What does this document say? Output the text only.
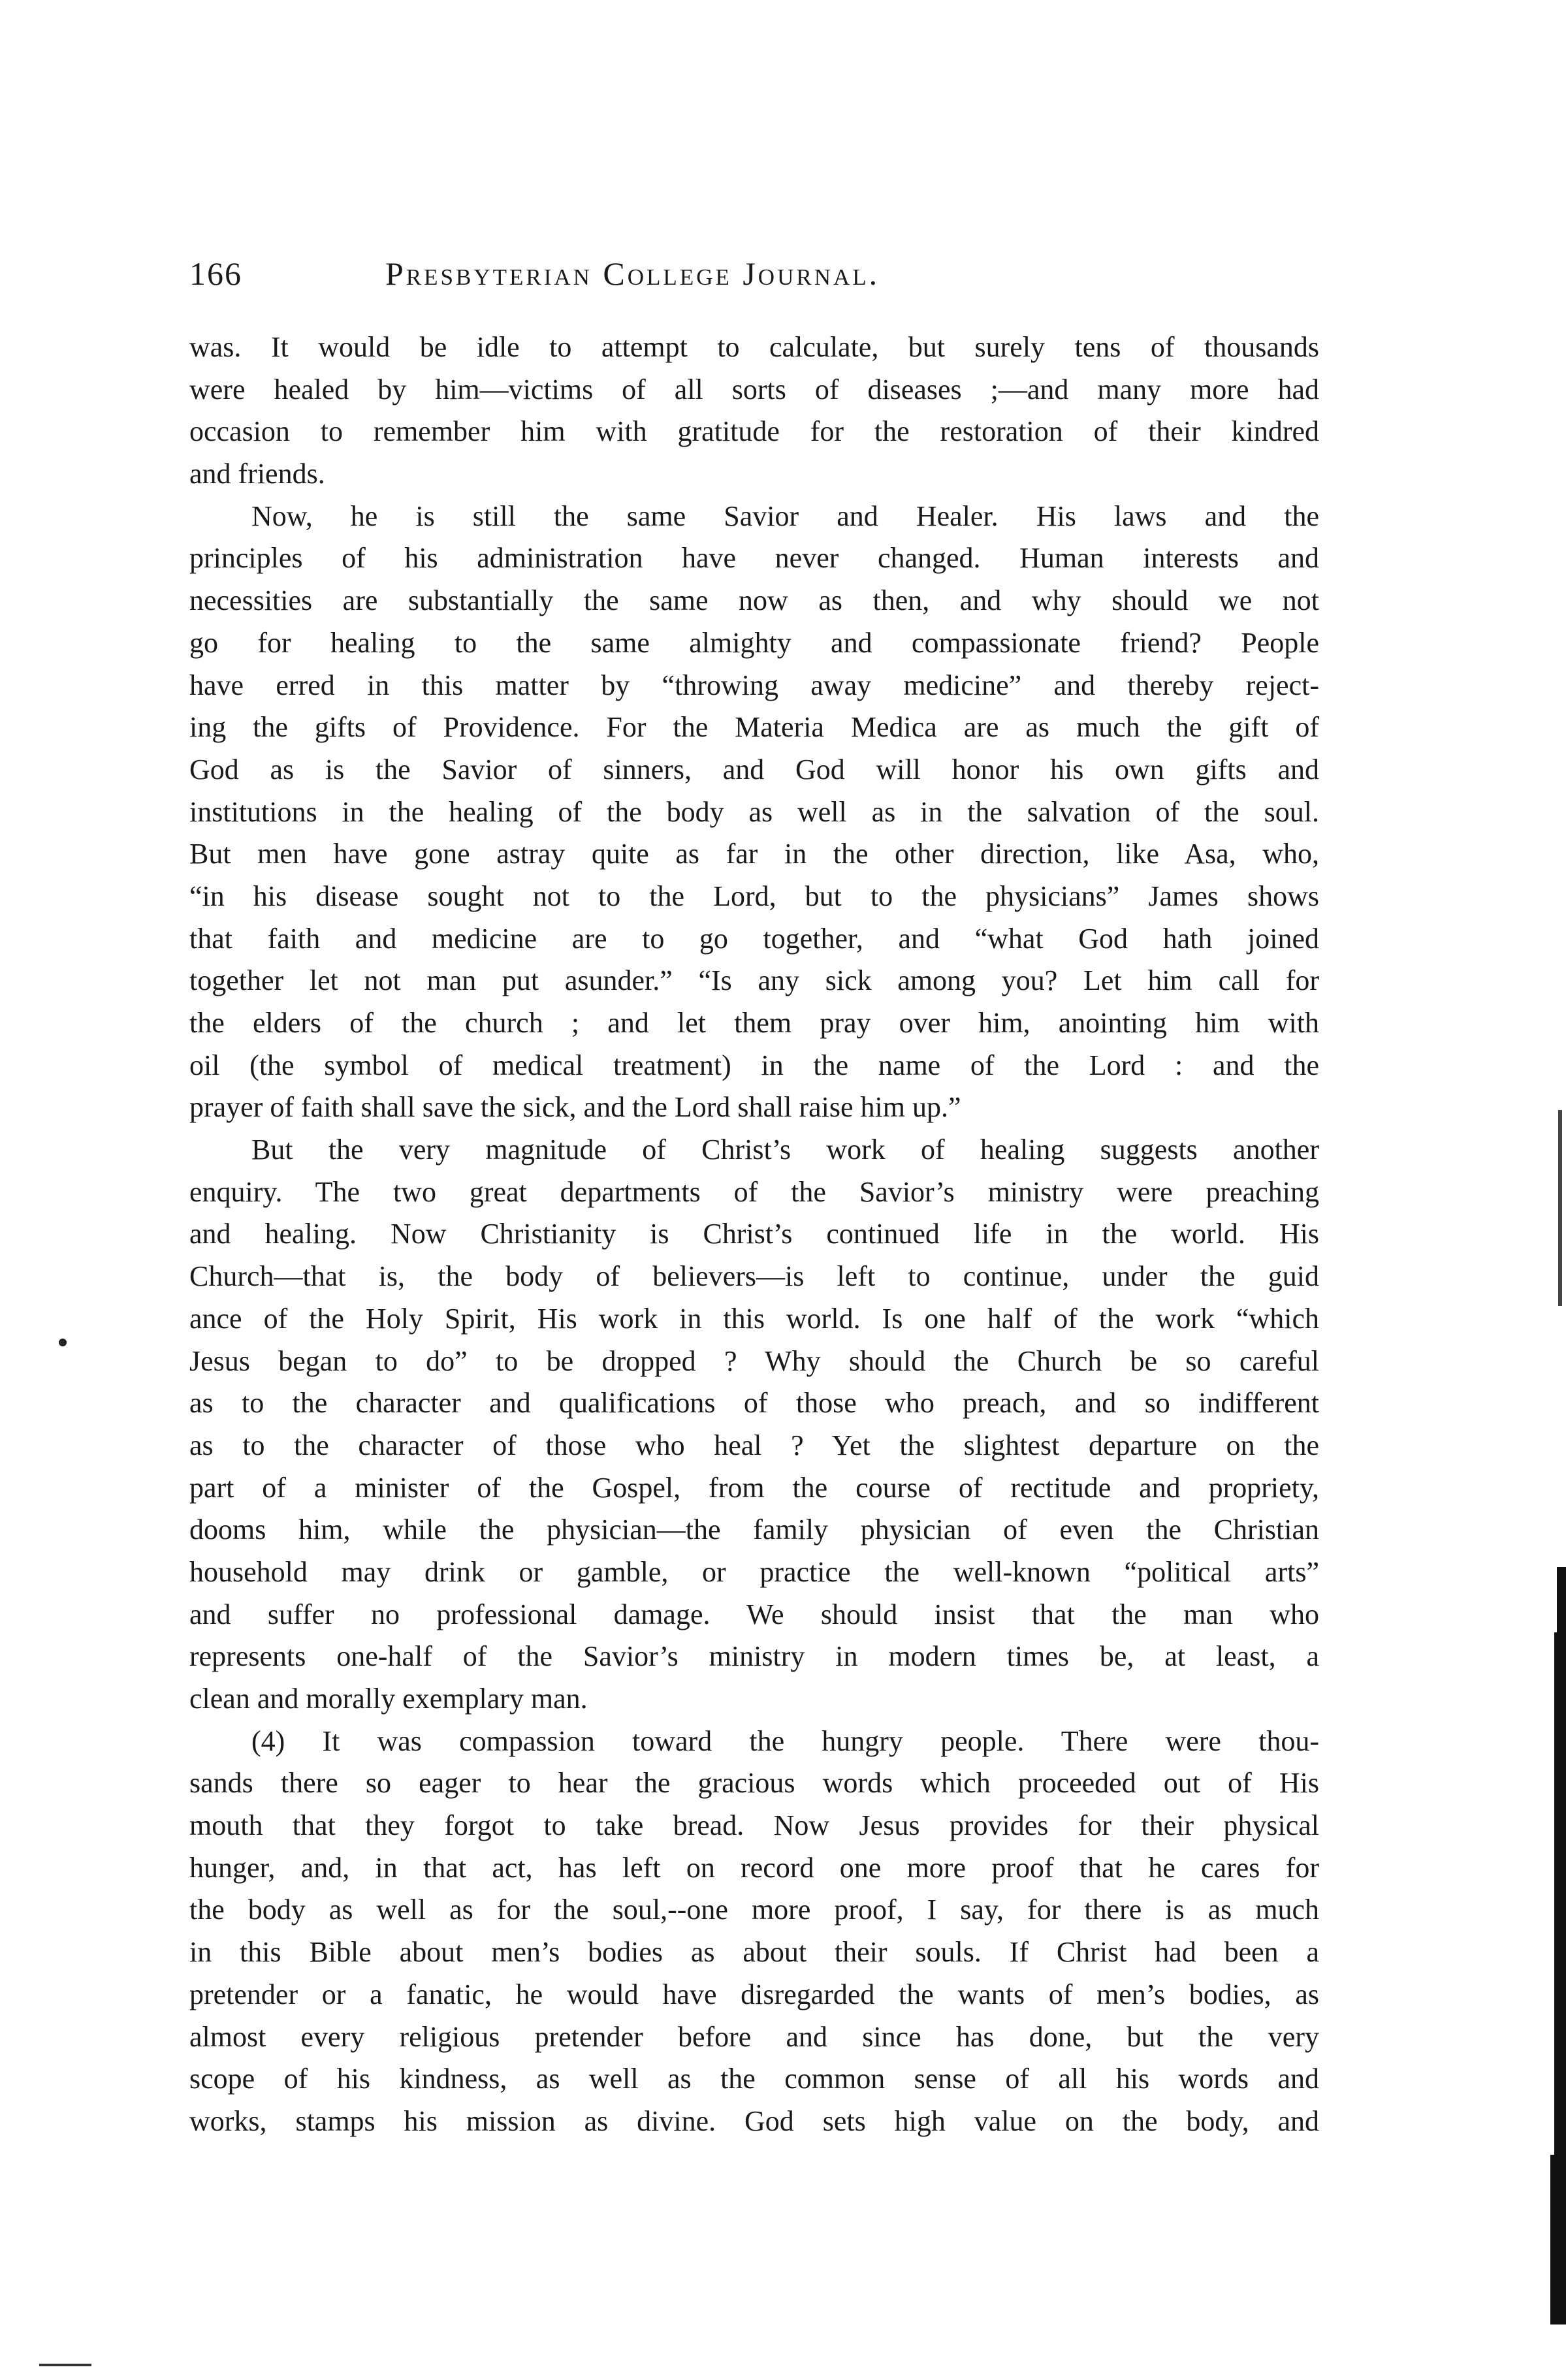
166	Presbyterian College Journal.
was. It would be idle to attempt to calculate, but surely tens of thousands
were healed by him—victims of all sorts of diseases ;—and many more had
occasion to remember him with gratitude for the restoration of their kindred
and friends.
Now, he is still the same Savior and Healer. His laws and the
principles of his administration have never changed. Human interests and
necessities are substantially the same now as then, and why should we not
go for healing to the same almighty and compassionate friend? People
have erred in this matter by “throwing away medicine” and thereby reject-
ing the gifts of Providence. For the Materia Medica are as much the gift of
God as is the Savior of sinners, and God will honor his own gifts and
institutions in the healing of the body as well as in the salvation of the soul.
But men have gone astray quite as far in the other direction, like Asa, who,
“in his disease sought not to the Lord, but to the physicians” James shows
that faith and medicine are to go together, and “what God hath joined
together let not man put asunder.” “Is any sick among you? Let him call for
the elders of the church ; and let them pray over him, anointing him with
oil (the symbol of medical treatment) in the name of the Lord : and the
prayer of faith shall save the sick, and the Lord shall raise him up.”
But the very magnitude of Christ’s work of healing suggests another
enquiry. The two great departments of the Savior’s ministry were preaching
and healing. Now Christianity is Christ’s continued life in the world. His
Church—that is, the body of believers—is left to continue, under the guid
ance of the Holy Spirit, His work in this world. Is one half of the work “which
Jesus began to do” to be dropped ? Why should the Church be so careful
as to the character and qualifications of those who preach, and so indifferent
as to the character of those who heal ? Yet the slightest departure on the
part of a minister of the Gospel, from the course of rectitude and propriety,
dooms him, while the physician—the family physician of even the Christian
household may drink or gamble, or practice the well-known “political arts”
and suffer no professional damage. We should insist that the man who
represents one-half of the Savior’s ministry in modern times be, at least, a
clean and morally exemplary man.
(4) It was compassion toward the hungry people. There were thou-
sands there so eager to hear the gracious words which proceeded out of His
mouth that they forgot to take bread. Now Jesus provides for their physical
hunger, and, in that act, has left on record one more proof that he cares for
the body as well as for the soul,--one more proof, I say, for there is as much
in this Bible about men’s bodies as about their souls. If Christ had been a
pretender or a fanatic, he would have disregarded the wants of men’s bodies, as
almost every religious pretender before and since has done, but the very
scope of his kindness, as well as the common sense of all his words and
works, stamps his mission as divine. God sets high value on the body, and
